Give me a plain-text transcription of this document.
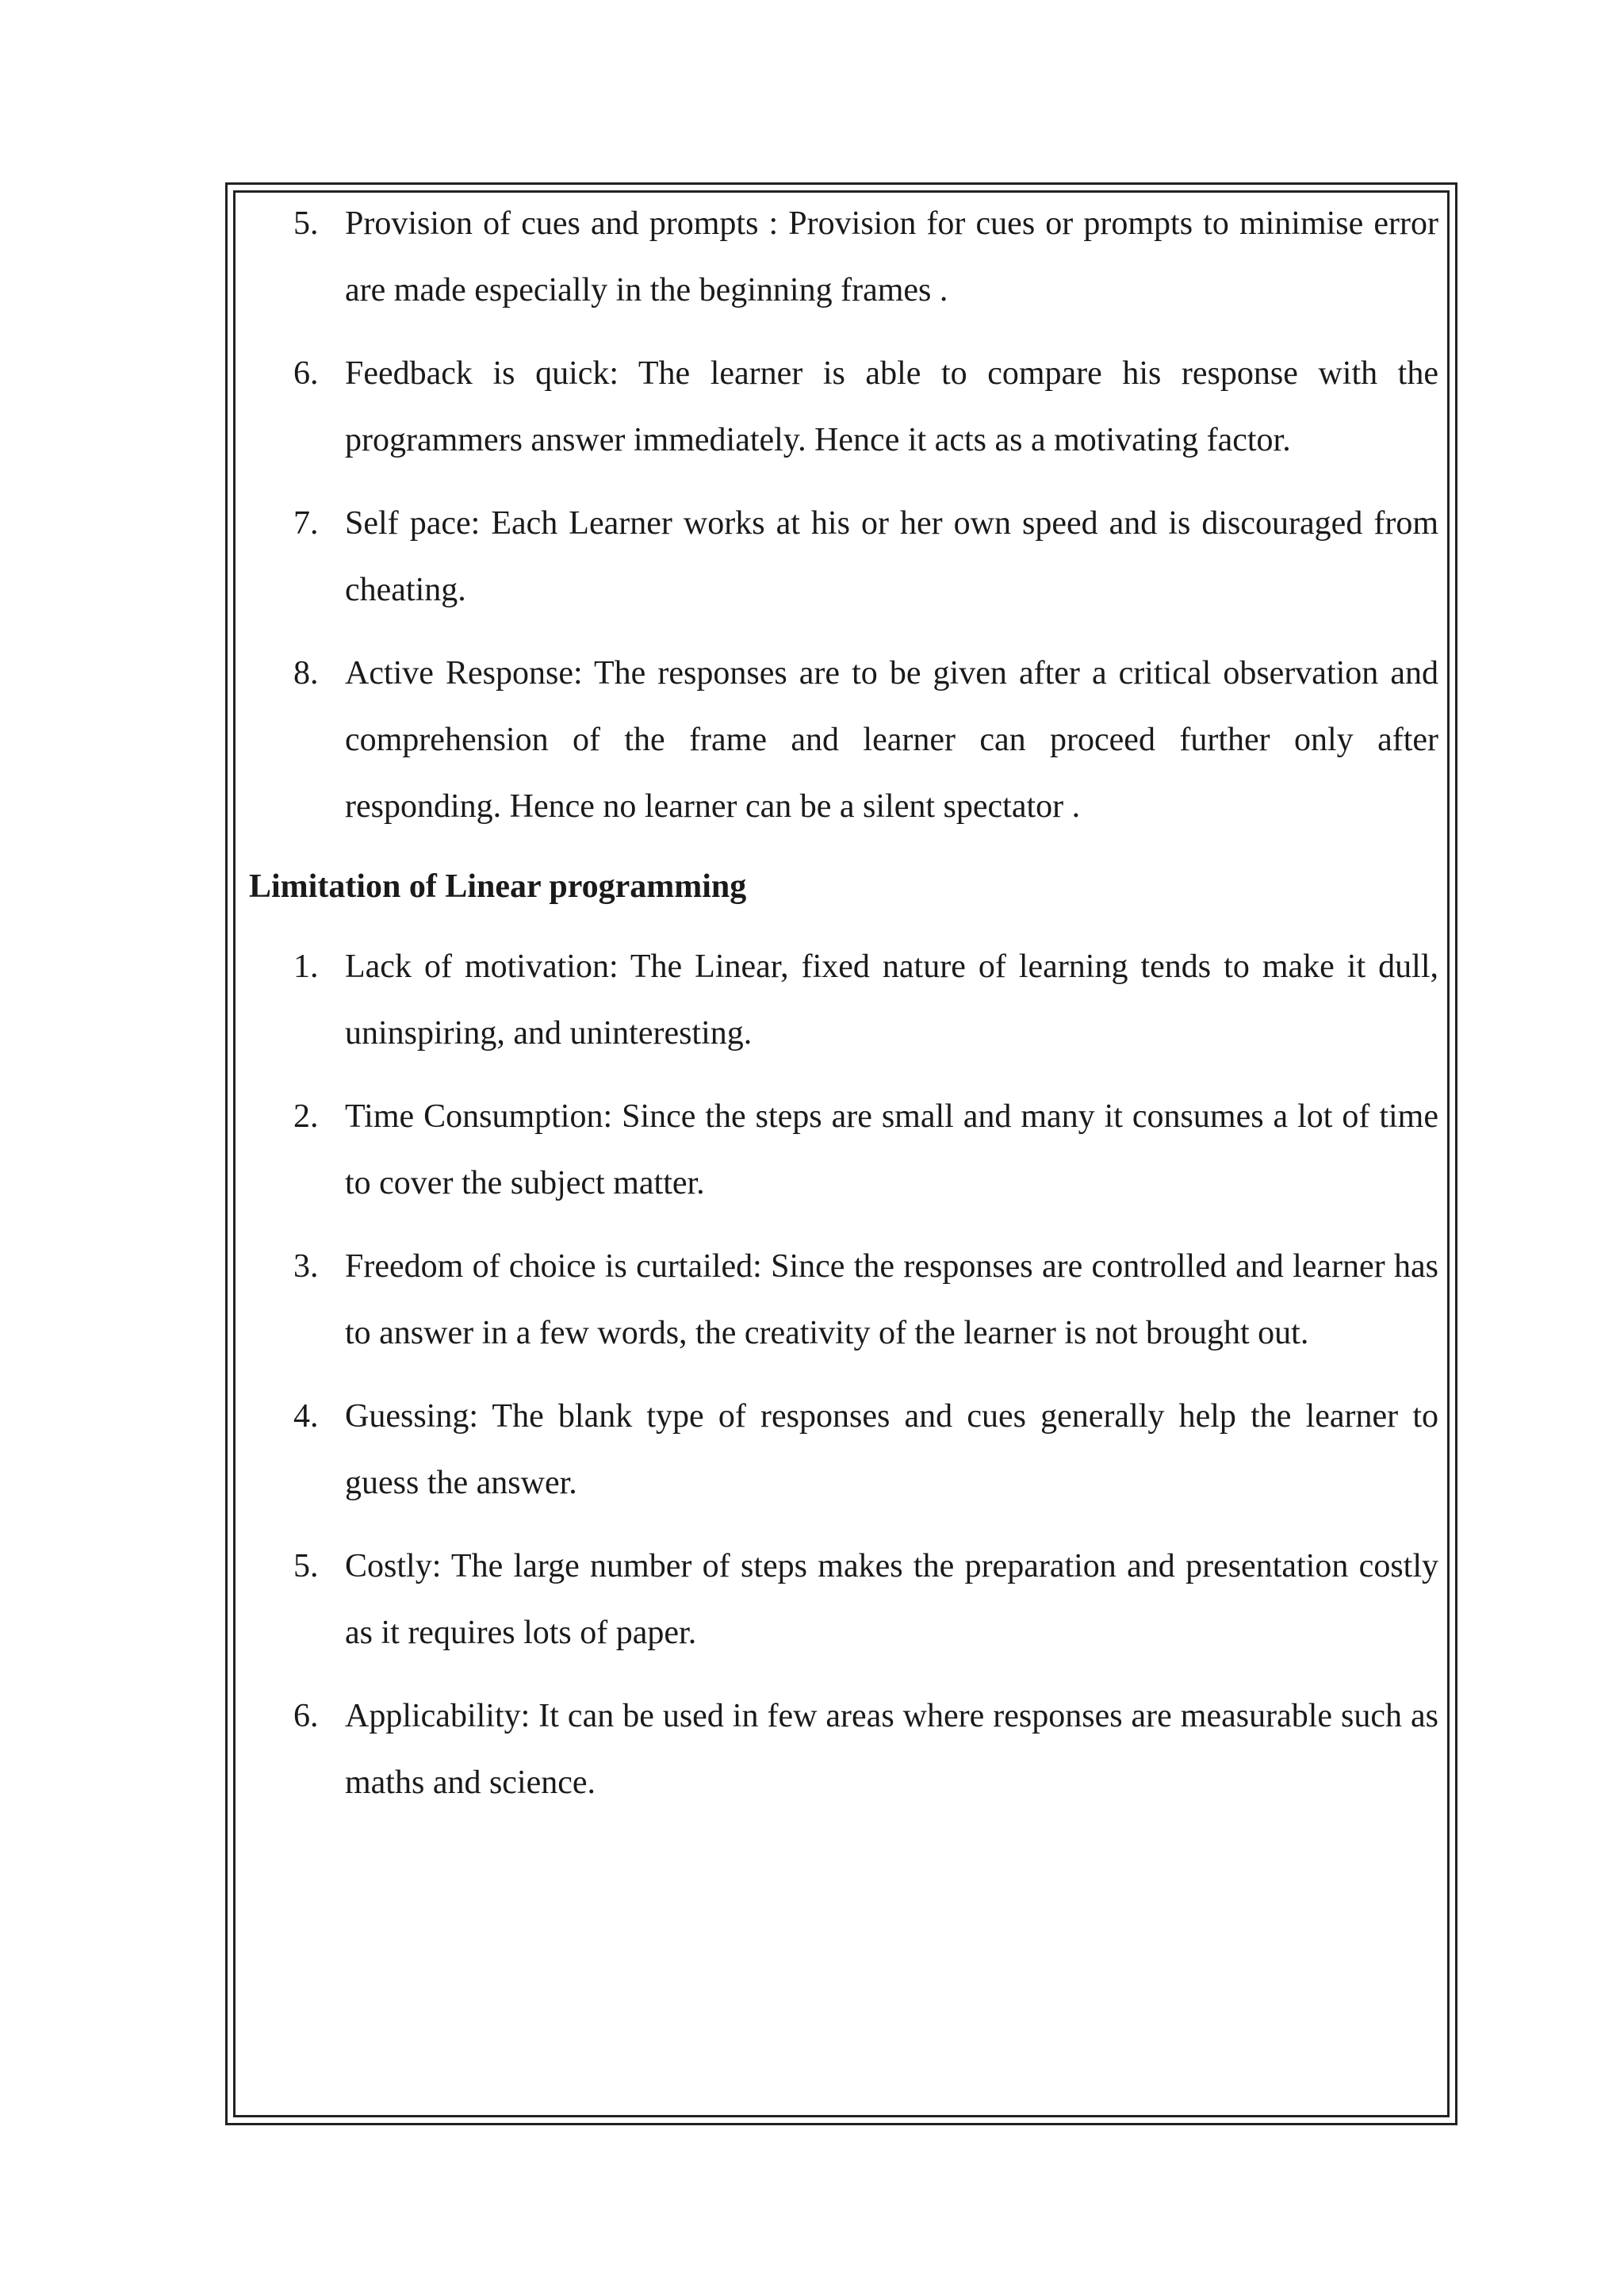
5. Provision of cues and prompts : Provision for cues or prompts to minimise error are made especially in the beginning frames .
6. Feedback is quick: The learner is able to compare his response with the programmers answer immediately. Hence it acts as a motivating factor.
7. Self pace: Each Learner works at his or her own speed and is discouraged from cheating.
8. Active Response: The responses are to be given after a critical observation and comprehension of the frame and learner can proceed further only after responding. Hence no learner can be a silent spectator .
Limitation of Linear programming
1. Lack of motivation: The Linear, fixed nature of learning tends to make it dull, uninspiring, and uninteresting.
2. Time Consumption: Since the steps are small and many it consumes a lot of time to cover the subject matter.
3. Freedom of choice is curtailed: Since the responses are controlled and learner has to answer in a few words, the creativity of the learner is not brought out.
4. Guessing: The blank type of responses and cues generally help the learner to guess the answer.
5. Costly: The large number of steps makes the preparation and presentation costly as it requires lots of paper.
6. Applicability: It can be used in few areas where responses are measurable such as maths and science.
